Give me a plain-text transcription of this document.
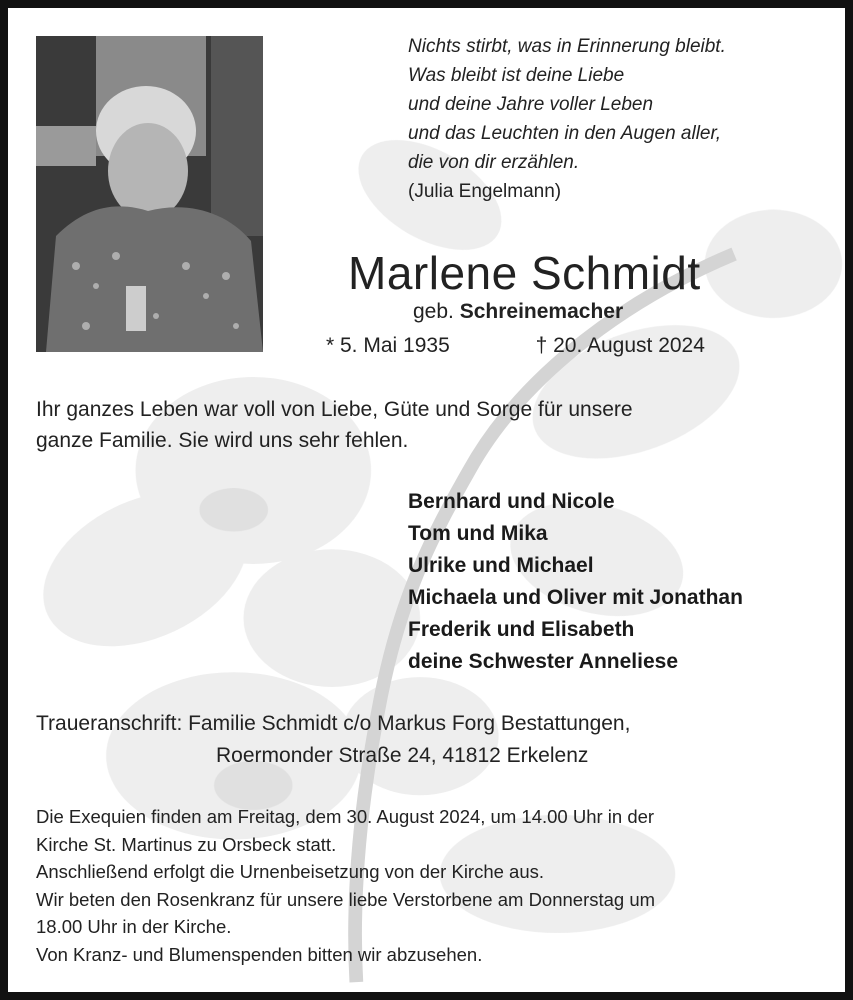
Nichts stirbt, was in Erinnerung bleibt.
Was bleibt ist deine Liebe
und deine Jahre voller Leben
und das Leuchten in den Augen aller,
die von dir erzählen.
(Julia Engelmann)
Marlene Schmidt
geb. Schreinemacher
* 5. Mai 1935	† 20. August 2024
Ihr ganzes Leben war voll von Liebe, Güte und Sorge für unsere
ganze Familie. Sie wird uns sehr fehlen.
Bernhard und Nicole
Tom und Mika
Ulrike und Michael
Michaela und Oliver mit Jonathan
Frederik und Elisabeth
deine Schwester Anneliese
Traueranschrift: Familie Schmidt c/o Markus Forg Bestattungen,
Roermonder Straße 24, 41812 Erkelenz
Die Exequien finden am Freitag, dem 30. August 2024, um 14.00 Uhr in der
Kirche St. Martinus zu Orsbeck statt.
Anschließend erfolgt die Urnenbeisetzung von der Kirche aus.
Wir beten den Rosenkranz für unsere liebe Verstorbene am Donnerstag um
18.00 Uhr in der Kirche.
Von Kranz- und Blumenspenden bitten wir abzusehen.
